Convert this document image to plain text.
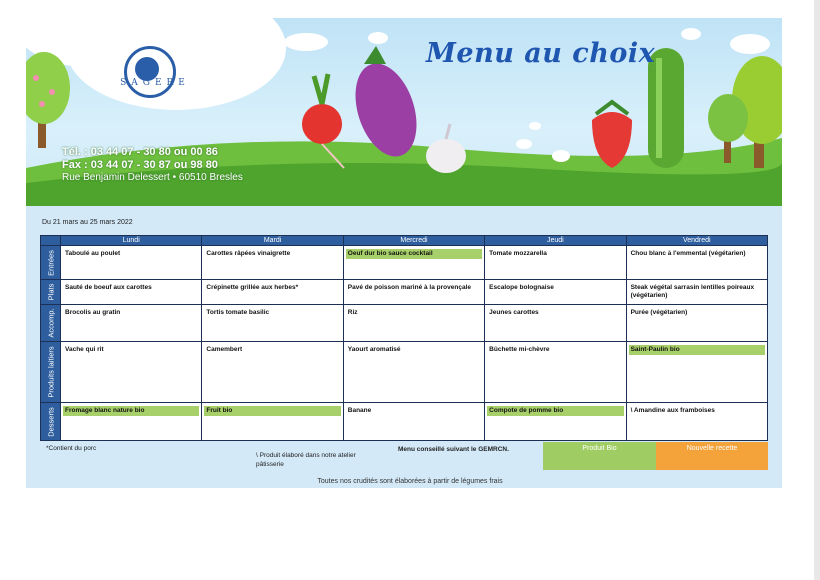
SAGERE
Menu au choix
Tél. : 03 44 07 - 30 80 ou 00 86
Fax : 03 44 07 - 30 87 ou 98 80
Rue Benjamin Delessert • 60510 Bresles
Du 21 mars au 25 mars 2022
	Lundi	Mardi	Mercredi	Jeudi	Vendredi

Entrées	Taboulé au poulet	Carottes râpées vinaigrette	Oeuf dur bio sauce cocktail	Tomate mozzarella	Chou blanc à l'emmental (végétarien)

Plats	Sauté de boeuf aux carottes	Crépinette grillée aux herbes*	Pavé de poisson mariné à la provençale	Escalope bolognaise	Steak végétal sarrasin lentilles poireaux (végétarien)

Accomp.	Brocolis au gratin	Tortis tomate basilic	Riz	Jeunes carottes	Purée (végétarien)

Produits laitiers	Vache qui rit	Camembert	Yaourt aromatisé	Bûchette mi-chèvre	Saint-Paulin bio

Desserts	Fromage blanc nature bio	Fruit bio	Banane	Compote de pomme bio	\ Amandine aux framboises
*Contient du porc
\ Produit élaboré dans notre atelier pâtisserie
Menu conseillé suivant le GEMRCN.	Produit Bio	Nouvelle recette
Toutes nos crudités sont élaborées à partir de légumes frais
